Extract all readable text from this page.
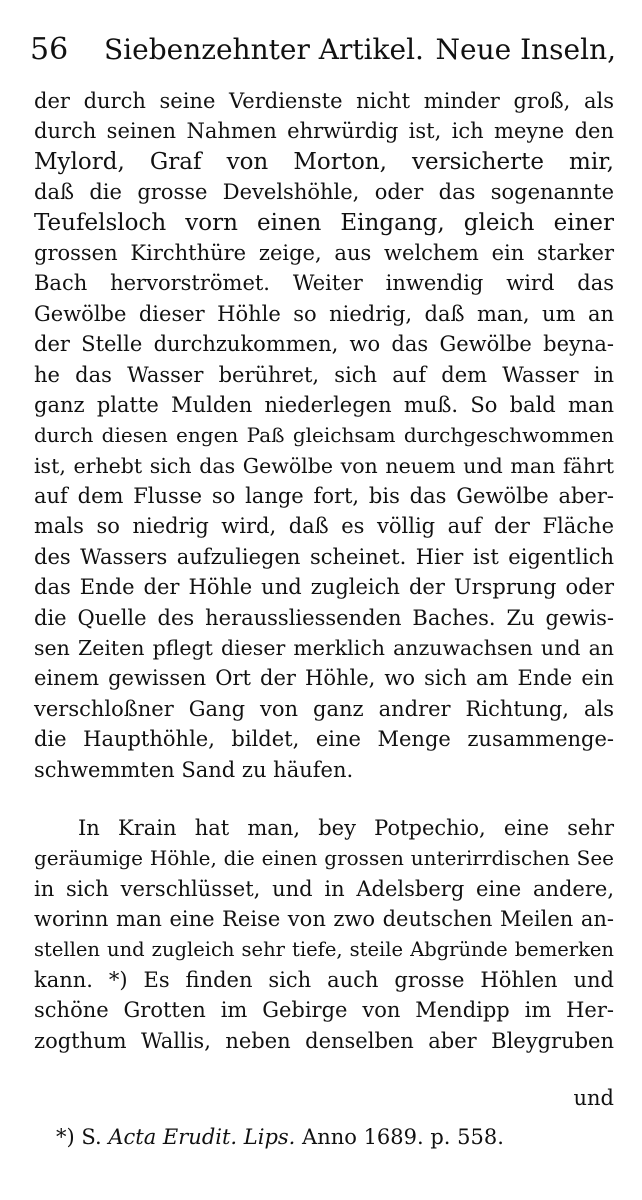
56 Siebenzehnter Artikel. Neue Inseln,
der durch seine Verdienste nicht minder groß, als
durch seinen Nahmen ehrwürdig ist, ich meyne den
Mylord, Graf von Morton, versicherte mir,
daß die grosse Develshöhle, oder das sogenannte
Teufelsloch vorn einen Eingang, gleich einer
grossen Kirchthüre zeige, aus welchem ein starker
Bach hervorströmet. Weiter inwendig wird das
Gewölbe dieser Höhle so niedrig, daß man, um an
der Stelle durchzukommen, wo das Gewölbe beyna-
he das Wasser berühret, sich auf dem Wasser in
ganz platte Mulden niederlegen muß. So bald man
durch diesen engen Paß gleichsam durchgeschwommen
ist, erhebt sich das Gewölbe von neuem und man fährt
auf dem Flusse so lange fort, bis das Gewölbe aber-
mals so niedrig wird, daß es völlig auf der Fläche
des Wassers aufzuliegen scheinet. Hier ist eigentlich
das Ende der Höhle und zugleich der Ursprung oder
die Quelle des heraussliessenden Baches. Zu gewis-
sen Zeiten pflegt dieser merklich anzuwachsen und an
einem gewissen Ort der Höhle, wo sich am Ende ein
verschloßner Gang von ganz andrer Richtung, als
die Haupthöhle, bildet, eine Menge zusammenge-
schwemmten Sand zu häufen.
In Krain hat man, bey Potpechio, eine sehr
geräumige Höhle, die einen grossen unterirrdischen See
in sich verschlüsset, und in Adelsberg eine andere,
worinn man eine Reise von zwo deutschen Meilen an-
stellen und zugleich sehr tiefe, steile Abgründe bemerken
kann. *) Es finden sich auch grosse Höhlen und
schöne Grotten im Gebirge von Mendipp im Her-
zogthum Wallis, neben denselben aber Bleygruben
und
*) S. Acta Erudit. Lips. Anno 1689. p. 558.
